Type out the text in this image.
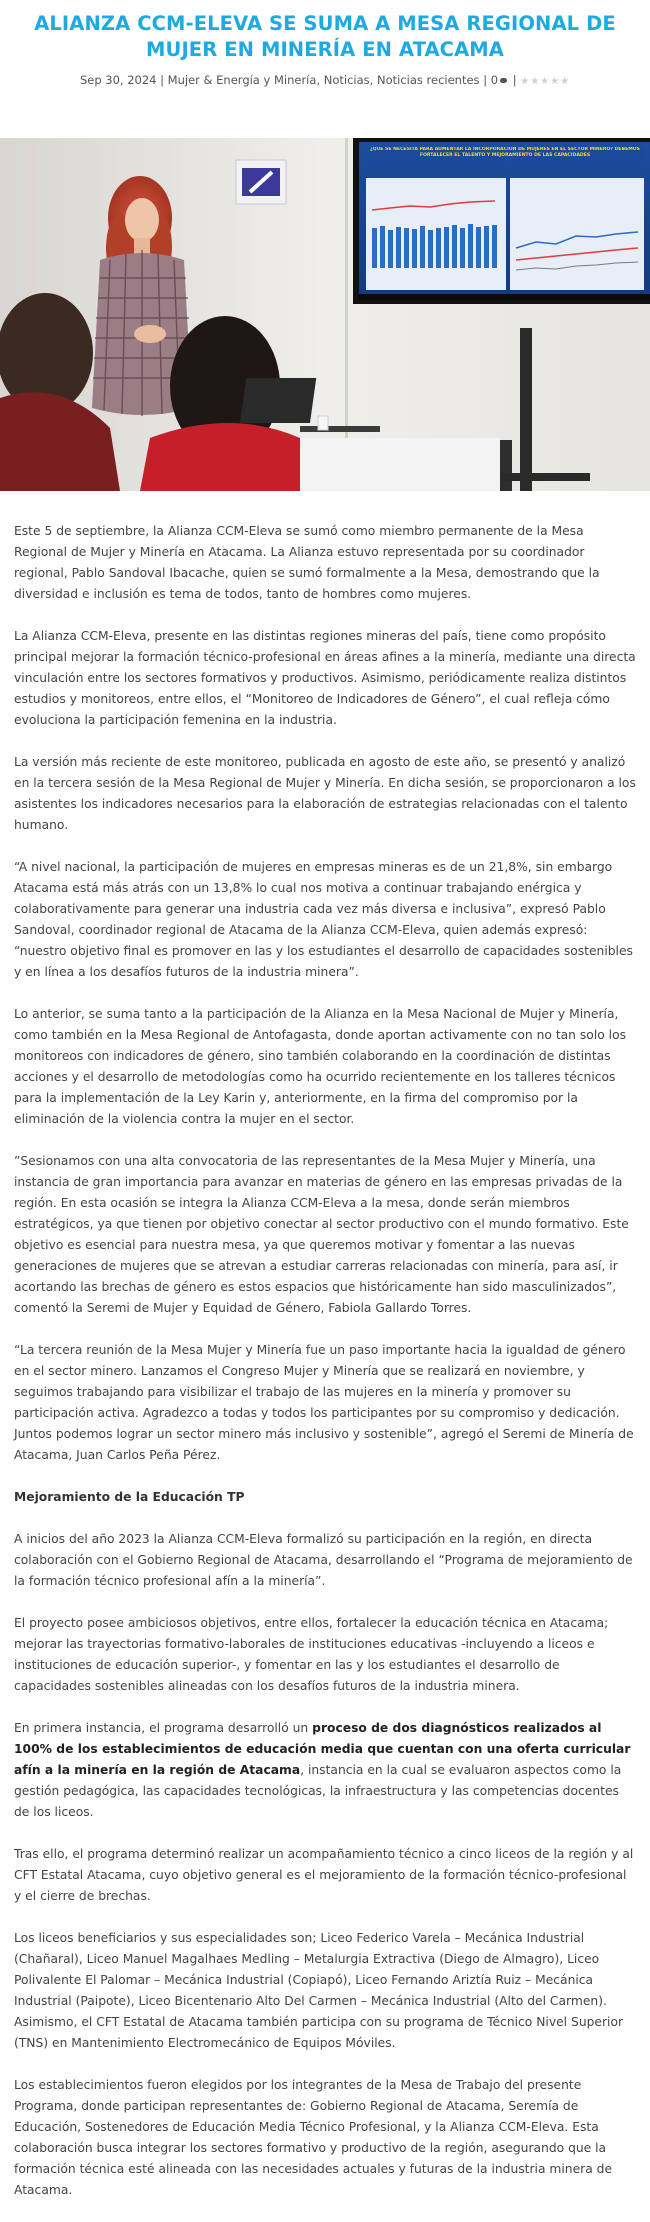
ALIANZA CCM-ELEVA SE SUMA A MESA REGIONAL DE MUJER EN MINERÍA EN ATACAMA
Sep 30, 2024 | Mujer & Energía y Minería, Noticias, Noticias recientes | 0 | ★★★★★
¿QUÉ SE NECESITA PARA AUMENTAR LA INCORPORACIÓN DE MUJERES EN EL SECTOR MINERO? DEBEMOS FORTALECER EL TALENTO Y MEJORAMIENTO DE LAS CAPACIDADES

Este 5 de septiembre, la Alianza CCM-Eleva se sumó como miembro permanente de la Mesa Regional de Mujer y Minería en Atacama. La Alianza estuvo representada por su coordinador regional, Pablo Sandoval Ibacache, quien se sumó formalmente a la Mesa, demostrando que la diversidad e inclusión es tema de todos, tanto de hombres como mujeres.

La Alianza CCM-Eleva, presente en las distintas regiones mineras del país, tiene como propósito principal mejorar la formación técnico-profesional en áreas afines a la minería, mediante una directa vinculación entre los sectores formativos y productivos. Asimismo, periódicamente realiza distintos estudios y monitoreos, entre ellos, el “Monitoreo de Indicadores de Género”, el cual refleja cómo evoluciona la participación femenina en la industria.

La versión más reciente de este monitoreo, publicada en agosto de este año, se presentó y analizó en la tercera sesión de la Mesa Regional de Mujer y Minería. En dicha sesión, se proporcionaron a los asistentes los indicadores necesarios para la elaboración de estrategias relacionadas con el talento humano.

“A nivel nacional, la participación de mujeres en empresas mineras es de un 21,8%, sin embargo Atacama está más atrás con un 13,8% lo cual nos motiva a continuar trabajando enérgica y colaborativamente para generar una industria cada vez más diversa e inclusiva”, expresó Pablo Sandoval, coordinador regional de Atacama de la Alianza CCM-Eleva, quien además expresó: “nuestro objetivo final es promover en las y los estudiantes el desarrollo de capacidades sostenibles y en línea a los desafíos futuros de la industria minera”.

Lo anterior, se suma tanto a la participación de la Alianza en la Mesa Nacional de Mujer y Minería, como también en la Mesa Regional de Antofagasta, donde aportan activamente con no tan solo los monitoreos con indicadores de género, sino también colaborando en la coordinación de distintas acciones y el desarrollo de metodologías como ha ocurrido recientemente en los talleres técnicos para la implementación de la Ley Karin y, anteriormente, en la firma del compromiso por la eliminación de la violencia contra la mujer en el sector.

”Sesionamos con una alta convocatoria de las representantes de la Mesa Mujer y Minería, una instancia de gran importancia para avanzar en materias de género en las empresas privadas de la región. En esta ocasión se integra la Alianza CCM-Eleva a la mesa, donde serán miembros estratégicos, ya que tienen por objetivo conectar al sector productivo con el mundo formativo. Este objetivo es esencial para nuestra mesa, ya que queremos motivar y fomentar a las nuevas generaciones de mujeres que se atrevan a estudiar carreras relacionadas con minería, para así, ir acortando las brechas de género es estos espacios que históricamente han sido masculinizados”, comentó la Seremi de Mujer y Equidad de Género, Fabiola Gallardo Torres.

“La tercera reunión de la Mesa Mujer y Minería fue un paso importante hacia la igualdad de género en el sector minero. Lanzamos el Congreso Mujer y Minería que se realizará en noviembre, y seguimos trabajando para visibilizar el trabajo de las mujeres en la minería y promover su participación activa. Agradezco a todas y todos los participantes por su compromiso y dedicación. Juntos podemos lograr un sector minero más inclusivo y sostenible”, agregó el Seremi de Minería de Atacama, Juan Carlos Peña Pérez.

Mejoramiento de la Educación TP

A inicios del año 2023 la Alianza CCM-Eleva formalizó su participación en la región, en directa colaboración con el Gobierno Regional de Atacama, desarrollando el “Programa de mejoramiento de la formación técnico profesional afín a la minería”.

El proyecto posee ambiciosos objetivos, entre ellos, fortalecer la educación técnica en Atacama; mejorar las trayectorias formativo-laborales de instituciones educativas -incluyendo a liceos e instituciones de educación superior-, y fomentar en las y los estudiantes el desarrollo de capacidades sostenibles alineadas con los desafíos futuros de la industria minera.

En primera instancia, el programa desarrolló un proceso de dos diagnósticos realizados al 100% de los establecimientos de educación media que cuentan con una oferta curricular afín a la minería en la región de Atacama, instancia en la cual se evaluaron aspectos como la gestión pedagógica, las capacidades tecnológicas, la infraestructura y las competencias docentes de los liceos.

Tras ello, el programa determinó realizar un acompañamiento técnico a cinco liceos de la región y al CFT Estatal Atacama, cuyo objetivo general es el mejoramiento de la formación técnico-profesional y el cierre de brechas.

Los liceos beneficiarios y sus especialidades son; Liceo Federico Varela – Mecánica Industrial (Chañaral), Liceo Manuel Magalhaes Medling – Metalurgia Extractiva (Diego de Almagro), Liceo Polivalente El Palomar – Mecánica Industrial (Copiapó), Liceo Fernando Ariztía Ruiz – Mecánica Industrial (Paipote), Liceo Bicentenario Alto Del Carmen – Mecánica Industrial (Alto del Carmen). Asimismo, el CFT Estatal de Atacama también participa con su programa de Técnico Nivel Superior (TNS) en Mantenimiento Electromecánico de Equipos Móviles.

Los establecimientos fueron elegidos por los integrantes de la Mesa de Trabajo del presente Programa, donde participan representantes de: Gobierno Regional de Atacama, Seremía de Educación, Sostenedores de Educación Media Técnico Profesional, y la Alianza CCM-Eleva. Esta colaboración busca integrar los sectores formativo y productivo de la región, asegurando que la formación técnica esté alineada con las necesidades actuales y futuras de la industria minera de Atacama.
